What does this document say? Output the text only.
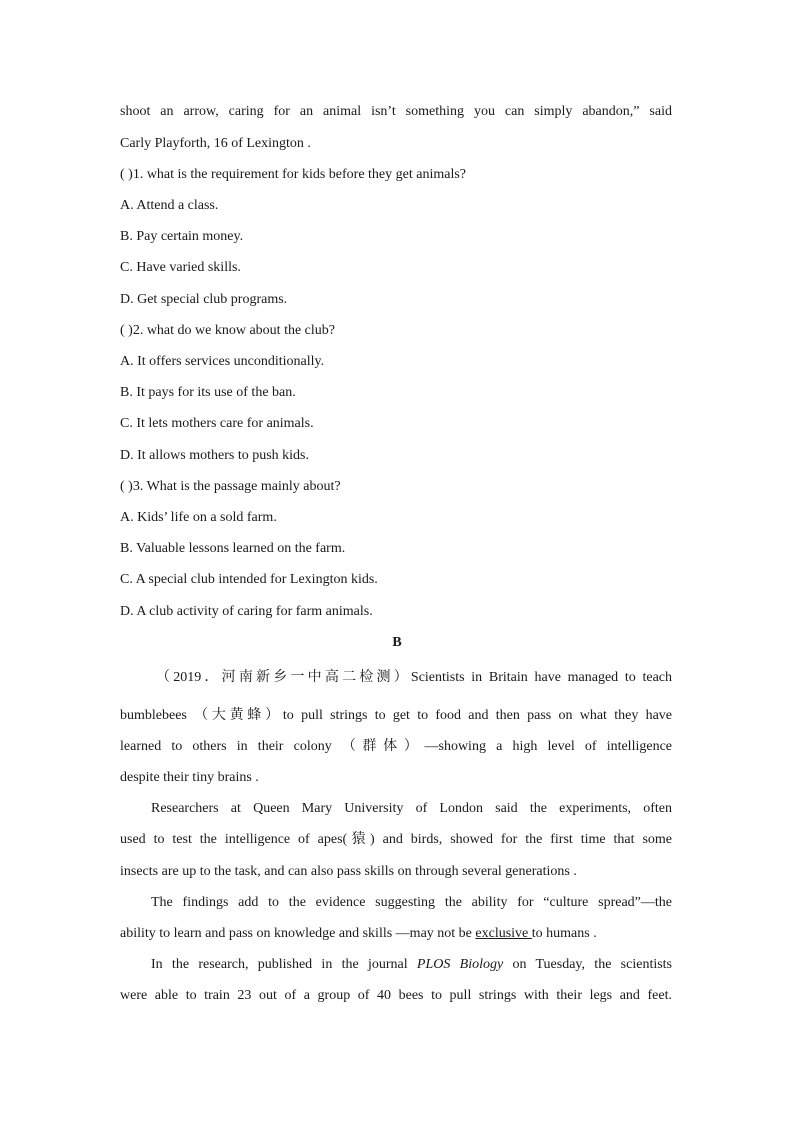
shoot an arrow, caring for an animal isn’t something you can simply abandon,” said
Carly Playforth, 16 of Lexington .
( )1. what is the requirement for kids before they get animals?
A. Attend a class.
B. Pay certain money.
C. Have varied skills.
D. Get special club programs.
( )2. what do we know about the club?
A. It offers services unconditionally.
B. It pays for its use of the ban.
C. It lets mothers care for animals.
D. It allows mothers to push kids.
( )3. What is the passage mainly about?
A. Kids’ life on a sold farm.
B. Valuable lessons learned on the farm.
C. A special club intended for Lexington kids.
D. A club activity of caring for farm animals.
B
（2019．河南新乡一中高二检测）Scientists in Britain have managed to teach
bumblebees （大黄蜂）to pull strings to get to food and then pass on what they have
learned to others in their colony （群体）—showing a high level of intelligence
despite their tiny brains .
Researchers at Queen Mary University of London said the experiments, often
used to test the intelligence of apes(猿) and birds, showed for the first time that some
insects are up to the task, and can also pass skills on through several generations .
The findings add to the evidence suggesting the ability for “culture spread”—the
ability to learn and pass on knowledge and skills —may not be exclusive to humans .
In the research, published in the journal PLOS Biology on Tuesday, the scientists
were able to train 23 out of a group of 40 bees to pull strings with their legs and feet.
